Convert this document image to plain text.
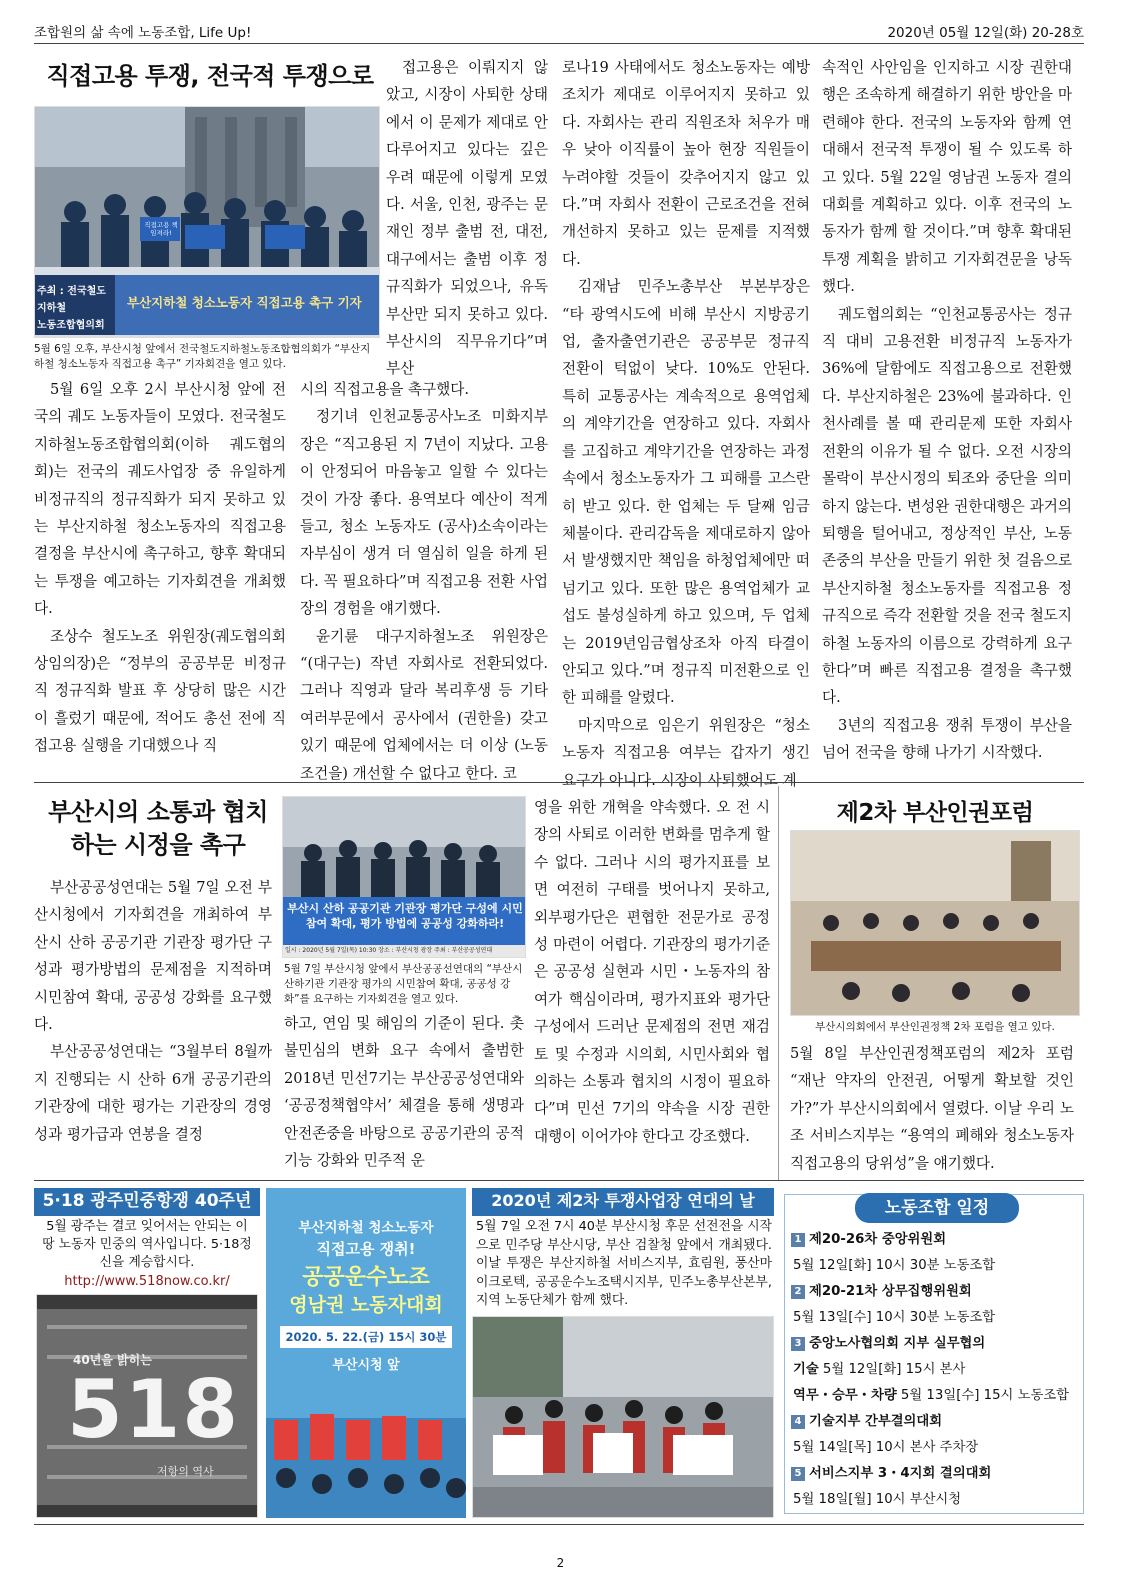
조합원의 삶 속에 노동조합, Life Up!	2020년 05월 12일(화) 20-28호
직접고용 투쟁, 전국적 투쟁으로
부산지하철 청소노동자 직접고용 촉구 기자
주최 : 전국철도지하철
노동조합협의회
직접고용 책임져라!
5월 6일 오후, 부산시청 앞에서 전국철도지하철노동조합협의회가 “부산지하철 청소노동자 직접고용 촉구” 기자회견을 열고 있다.

5월 6일 오후 2시 부산시청 앞에 전국의 궤도 노동자들이 모였다. 전국철도지하철노동조합협의회(이하 궤도협의회)는 전국의 궤도사업장 중 유일하게 비정규직의 정규직화가 되지 못하고 있는 부산지하철 청소노동자의 직접고용 결정을 부산시에 촉구하고, 향후 확대되는 투쟁을 예고하는 기자회견을 개최했다.

조상수 철도노조 위원장(궤도협의회 상임의장)은 “정부의 공공부문 비정규직 정규직화 발표 후 상당히 많은 시간이 흘렀기 때문에, 적어도 총선 전에 직접고용 실행을 기대했으나 직

접고용은 이뤄지지 않았고, 시장이 사퇴한 상태에서 이 문제가 제대로 안 다루어지고 있다는 깊은 우려 때문에 이렇게 모였다. 서울, 인천, 광주는 문재인 정부 출범 전, 대전, 대구에서는 출범 이후 정규직화가 되었으나, 유독 부산만 되지 못하고 있다. 부산시의 직무유기다”며 부산

시의 직접고용을 촉구했다.

정기녀 인천교통공사노조 미화지부장은 “직고용된 지 7년이 지났다. 고용이 안정되어 마음놓고 일할 수 있다는 것이 가장 좋다. 용역보다 예산이 적게 들고, 청소 노동자도 (공사)소속이라는 자부심이 생겨 더 열심히 일을 하게 된다. 꼭 필요하다”며 직접고용 전환 사업장의 경험을 얘기했다.

윤기륜 대구지하철노조 위원장은 “(대구는) 작년 자회사로 전환되었다. 그러나 직영과 달라 복리후생 등 기타 여러부문에서 공사에서 (권한을) 갖고 있기 때문에 업체에서는 더 이상 (노동조건을) 개선할 수 없다고 한다. 코

로나19 사태에서도 청소노동자는 예방조치가 제대로 이루어지지 못하고 있다. 자회사는 관리 직원조차 처우가 매우 낮아 이직률이 높아 현장 직원들이 누려야할 것들이 갖추어지지 않고 있다.”며 자회사 전환이 근로조건을 전혀 개선하지 못하고 있는 문제를 지적했다.

김재남 민주노총부산 부본부장은 “타 광역시도에 비해 부산시 지방공기업, 출자출연기관은 공공부문 정규직 전환이 턱없이 낮다. 10%도 안된다. 특히 교통공사는 계속적으로 용역업체의 계약기간을 연장하고 있다. 자회사를 고집하고 계약기간을 연장하는 과정 속에서 청소노동자가 그 피해를 고스란히 받고 있다. 한 업체는 두 달째 임금체불이다. 관리감독을 제대로하지 않아서 발생했지만 책임을 하청업체에만 떠넘기고 있다. 또한 많은 용역업체가 교섭도 불성실하게 하고 있으며, 두 업체는 2019년임금협상조차 아직 타결이 안되고 있다.”며 정규직 미전환으로 인한 피해를 알렸다.

마지막으로 임은기 위원장은 “청소노동자 직접고용 여부는 갑자기 생긴 요구가 아니다. 시장이 사퇴했어도 계

속적인 사안임을 인지하고 시장 권한대행은 조속하게 해결하기 위한 방안을 마련해야 한다. 전국의 노동자와 함께 연대해서 전국적 투쟁이 될 수 있도록 하고 있다. 5월 22일 영남권 노동자 결의대회를 계획하고 있다. 이후 전국의 노동자가 함께 할 것이다.”며 향후 확대된 투쟁 계획을 밝히고 기자회견문을 낭독했다.

궤도협의회는 “인천교통공사는 정규직 대비 고용전환 비정규직 노동자가 36%에 달함에도 직접고용으로 전환했다. 부산지하철은 23%에 불과하다. 인천사례를 볼 때 관리문제 또한 자회사 전환의 이유가 될 수 없다. 오전 시장의 몰락이 부산시정의 퇴조와 중단을 의미하지 않는다. 변성완 권한대행은 과거의 퇴행을 털어내고, 정상적인 부산, 노동존중의 부산을 만들기 위한 첫 걸음으로 부산지하철 청소노동자를 직접고용 정규직으로 즉각 전환할 것을 전국 철도지하철 노동자의 이름으로 강력하게 요구한다”며 빠른 직접고용 결정을 촉구했다.

3년의 직접고용 쟁취 투쟁이 부산을 넘어 전국을 향해 나가기 시작했다.

부산시의 소통과 협치
하는 시정을 촉구

부산공공성연대는 5월 7일 오전 부산시청에서 기자회견을 개최하여 부산시 산하 공공기관 기관장 평가단 구성과 평가방법의 문제점을 지적하며 시민참여 확대, 공공성 강화를 요구했다.

부산공공성연대는 “3월부터 8월까지 진행되는 시 산하 6개 공공기관의 기관장에 대한 평가는 기관장의 경영성과 평가급과 연봉을 결정

부산시 산하 공공기관 기관장 평가단 구성에 시민참여 확대, 평가 방법에 공공성 강화하라!
일시 : 2020년 5월 7일(목) 10:30 장소 : 부산시청 광장 주최 : 부산공공성연대
5월 7일 부산시청 앞에서 부산공공선연대의 “부산시 산하기관 기관장 평가의 시민참여 확대, 공공성 강화”를 요구하는 기자회견을 열고 있다.

하고, 연임 및 해임의 기준이 된다. 촛불민심의 변화 요구 속에서 출범한 2018년 민선7기는 부산공공성연대와 ‘공공정책협약서’ 체결을 통해 생명과 안전존중을 바탕으로 공공기관의 공적기능 강화와 민주적 운

영을 위한 개혁을 약속했다. 오 전 시장의 사퇴로 이러한 변화를 멈추게 할 수 없다. 그러나 시의 평가지표를 보면 여전히 구태를 벗어나지 못하고, 외부평가단은 편협한 전문가로 공정성 마련이 어렵다. 기관장의 평가기준은 공공성 실현과 시민・노동자의 참여가 핵심이라며, 평가지표와 평가단 구성에서 드러난 문제점의 전면 재검토 및 수정과 시의회, 시민사회와 협의하는 소통과 협치의 시정이 필요하다”며 민선 7기의 약속을 시장 권한대행이 이어가야 한다고 강조했다.

제2차 부산인권포럼
부산시의회에서 부산인권정책 2차 포럼을 열고 있다.

5월 8일 부산인권정책포럼의 제2차 포럼 “재난 약자의 안전권, 어떻게 확보할 것인가?”가 부산시의회에서 열렸다. 이날 우리 노조 서비스지부는 “용역의 폐해와 청소노동자 직접고용의 당위성”을 얘기했다.

5·18 광주민중항쟁 40주년
5월 광주는 결코 잊어서는 안되는 이 땅 노동자 민중의 역사입니다. 5·18정신을 계승합시다.
http://www.518now.co.kr/
40년을 밝히는
518
저항의 역사
부산지하철 청소노동자
직접고용 쟁취!
공공운수노조
영남권 노동자대회
2020. 5. 22.(금) 15시 30분
부산시청 앞
2020년 제2차 투쟁사업장 연대의 날
5월 7일 오전 7시 40분 부산시청 후문 선전전을 시작으로 민주당 부산시당, 부산 검찰청 앞에서 개최됐다. 이날 투쟁은 부산지하철 서비스지부, 효림원, 풍산마이크로텍, 공공운수노조택시지부, 민주노총부산본부, 지역 노동단체가 함께 했다.
노동조합 일정
1 제20-26차 중앙위원회
5월 12일[화] 10시 30분 노동조합
2 제20-21차 상무집행위원회
5월 13일[수] 10시 30분 노동조합
3 중앙노사협의회 지부 실무협의
기술 5월 12일[화] 15시 본사
역무・승무・차량 5월 13일[수] 15시 노동조합
4 기술지부 간부결의대회
5월 14일[목] 10시 본사 주차장
5 서비스지부 3・4지회 결의대회
5월 18일[월] 10시 부산시청
2
